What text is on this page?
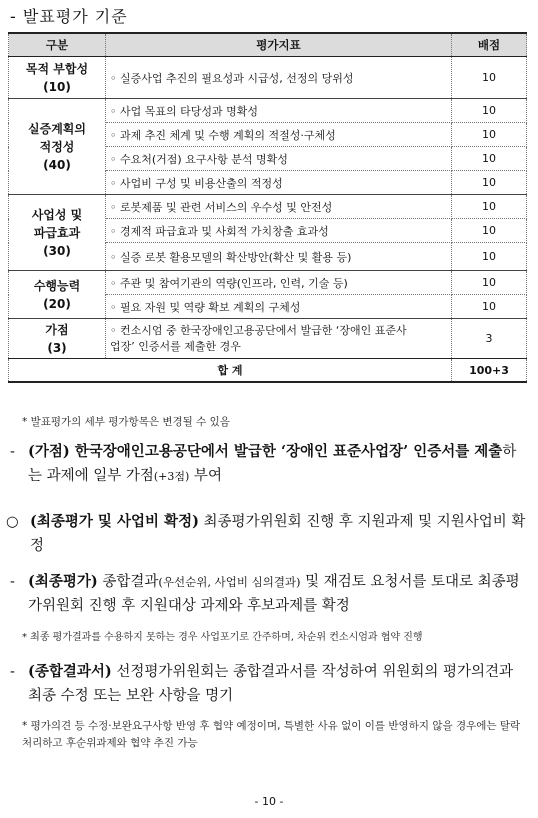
- 발표평가 기준
구분	평가지표	배점

목적 부합성
(10)	◦ 실증사업 추진의 필요성과 시급성, 선정의 당위성	10

실증계획의
적정성
(40)	◦ 사업 목표의 타당성과 명확성	10
	◦ 과제 추진 체계 및 수행 계획의 적절성·구체성	10
	◦ 수요처(거점) 요구사항 분석 명확성	10
	◦ 사업비 구성 및 비용산출의 적정성	10

사업성 및
파급효과
(30)	◦ 로봇제품 및 관련 서비스의 우수성 및 안전성	10
	◦ 경제적 파급효과 및 사회적 가치창출 효과성	10
	◦ 실증 로봇 활용모델의 확산방안(확산 및 활용 등)	10

수행능력
(20)	◦ 주관 및 참여기관의 역량(인프라, 인력, 기술 등)	10
	◦ 필요 자원 및 역량 확보 계획의 구체성	10

가점
(3)	◦ 컨소시엄 중 한국장애인고용공단에서 발급한 ‘장애인 표준사업장’ 인증서를 제출한 경우	3
합 계		100+3
* 발표평가의 세부 평가항목은 변경될 수 있음
- (가점) 한국장애인고용공단에서 발급한 ‘장애인 표준사업장’ 인증서를 제출하는 과제에 일부 가점(+3점) 부여
○ (최종평가 및 사업비 확정) 최종평가위원회 진행 후 지원과제 및 지원사업비 확정
- (최종평가) 종합결과(우선순위, 사업비 심의결과) 및 재검토 요청서를 토대로 최종평가위원회 진행 후 지원대상 과제와 후보과제를 확정
* 최종 평가결과를 수용하지 못하는 경우 사업포기로 간주하며, 차순위 컨소시엄과 협약 진행
- (종합결과서) 선정평가위원회는 종합결과서를 작성하여 위원회의 평가의견과 최종 수정 또는 보완 사항을 명기
* 평가의견 등 수정·보완요구사항 반영 후 협약 예정이며, 특별한 사유 없이 이를 반영하지 않을 경우에는 탈락 처리하고 후순위과제와 협약 추진 가능
- 10 -
